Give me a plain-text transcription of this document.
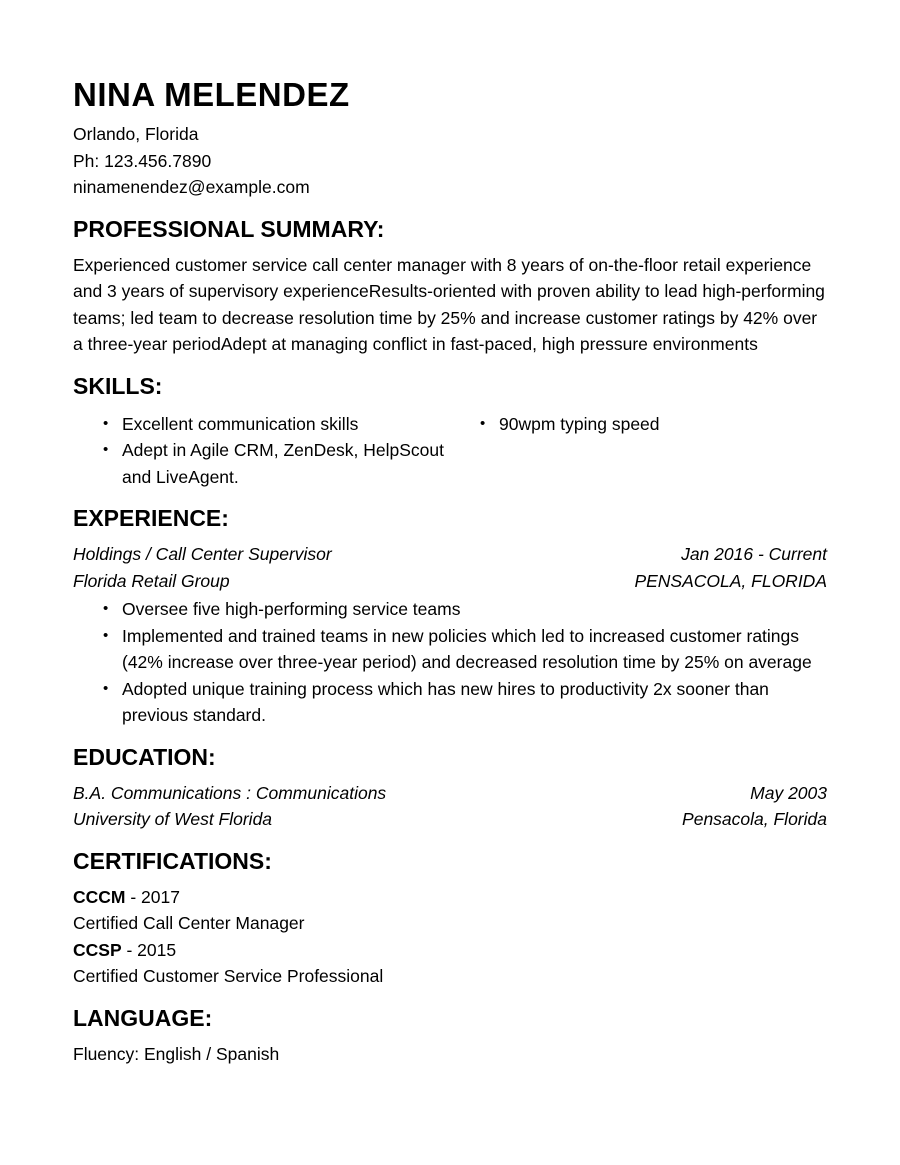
NINA MELENDEZ

Orlando, Florida

Ph: 123.456.7890

ninamenendez@example.com

PROFESSIONAL SUMMARY:

Experienced customer service call center manager with 8 years of on-the-floor retail experience and 3 years of supervisory experienceResults-oriented with proven ability to lead high-performing teams; led team to decrease resolution time by 25% and increase customer ratings by 42% over a three-year periodAdept at managing conflict in fast-paced, high pressure environments

SKILLS:
• Excellent communication skills
• Adept in Agile CRM, ZenDesk, HelpScout and LiveAgent.
• 90wpm typing speed
EXPERIENCE:

Holdings / Call Center Supervisor	Jan 2016 - Current

Florida Retail Group	PENSACOLA, FLORIDA

• Oversee five high-performing service teams
• Implemented and trained teams in new policies which led to increased customer ratings (42% increase over three-year period) and decreased resolution time by 25% on average
• Adopted unique training process which has new hires to productivity 2x sooner than previous standard.
EDUCATION:

B.A. Communications : Communications	May 2003

University of West Florida	Pensacola, Florida

CERTIFICATIONS:

CCCM - 2017

Certified Call Center Manager

CCSP - 2015

Certified Customer Service Professional

LANGUAGE:

Fluency: English / Spanish
